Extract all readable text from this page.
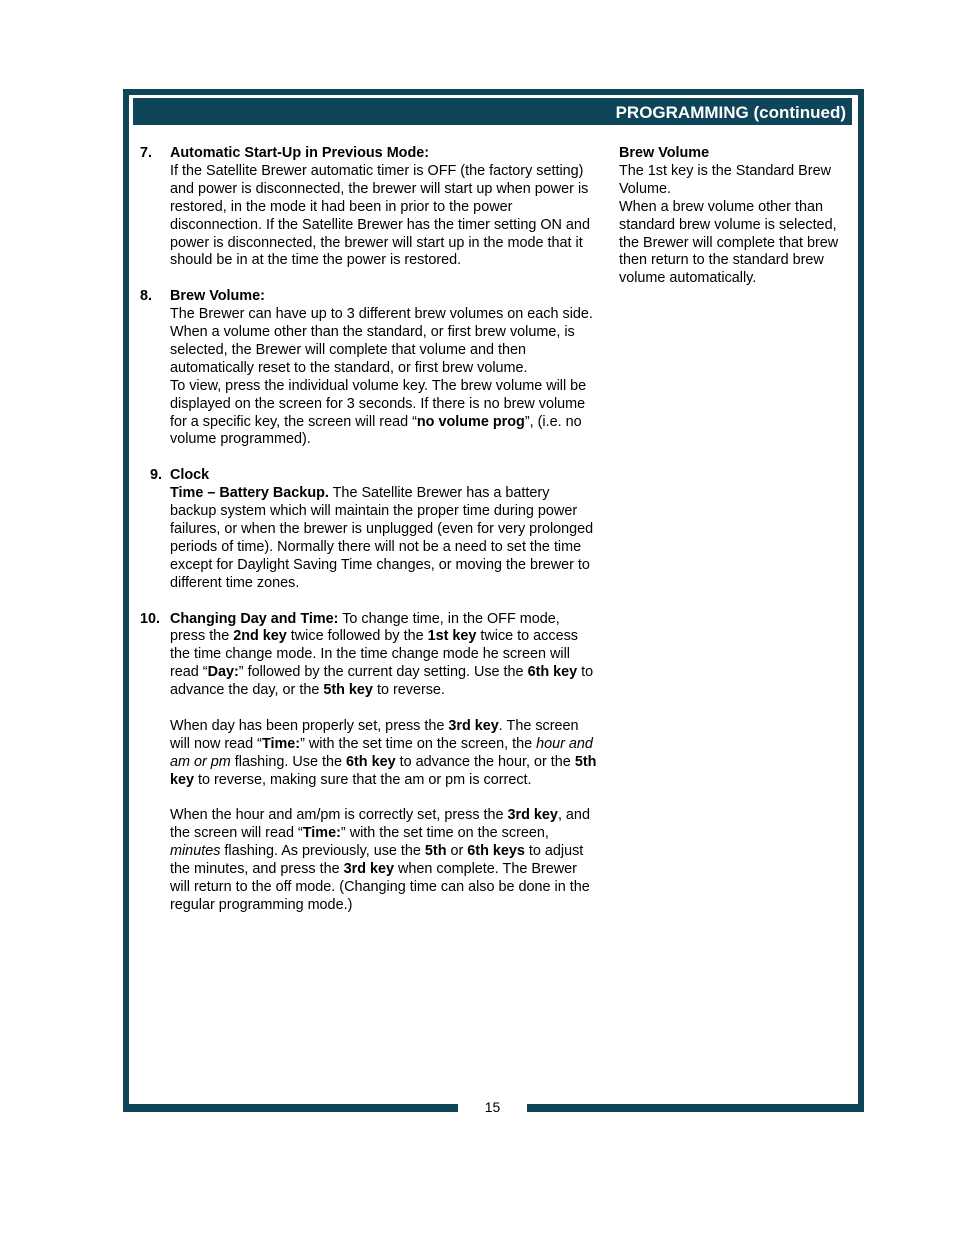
PROGRAMMING (continued)
15
7. Automatic Start-Up in Previous Mode:
If the Satellite Brewer automatic timer is OFF (the factory setting) and power is disconnected, the brewer will start up when power is restored, in the mode it had been in prior to the power disconnection. If the Satellite Brewer has the timer setting ON and power is disconnected, the brewer will start up in the mode that it should be in at the time the power is restored.
8. Brew Volume:
The Brewer can have up to 3 different brew volumes on each side. When a volume other than the standard, or first brew volume, is selected, the Brewer will complete that volume and then automatically reset to the standard, or first brew volume.
To view, press the individual volume key. The brew volume will be displayed on the screen for 3 seconds. If there is no brew volume for a specific key, the screen will read “no volume prog”, (i.e. no volume programmed).
9. Clock
Time – Battery Backup. The Satellite Brewer has a battery backup system which will maintain the proper time during power failures, or when the brewer is unplugged (even for very prolonged periods of time). Normally there will not be a need to set the time except for Daylight Saving Time changes, or moving the brewer to different time zones.
10. Changing Day and Time: To change time, in the OFF mode, press the 2nd key twice followed by the 1st key twice to access the time change mode. In the time change mode he screen will read “Day:” followed by the current day setting. Use the 6th key to advance the day, or the 5th key to reverse.
When day has been properly set, press the 3rd key. The screen will now read “Time:” with the set time on the screen, the hour and am or pm flashing. Use the 6th key to advance the hour, or the 5th key to reverse, making sure that the am or pm is correct.
When the hour and am/pm is correctly set, press the 3rd key, and the screen will read “Time:” with the set time on the screen, minutes flashing. As previously, use the 5th or 6th keys to adjust the minutes, and press the 3rd key when complete. The Brewer will return to the off mode. (Changing time can also be done in the regular programming mode.)
Brew Volume
The 1st key is the Standard Brew Volume.
When a brew volume other than standard brew volume is selected, the Brewer will complete that brew then return to the standard brew volume automatically.
